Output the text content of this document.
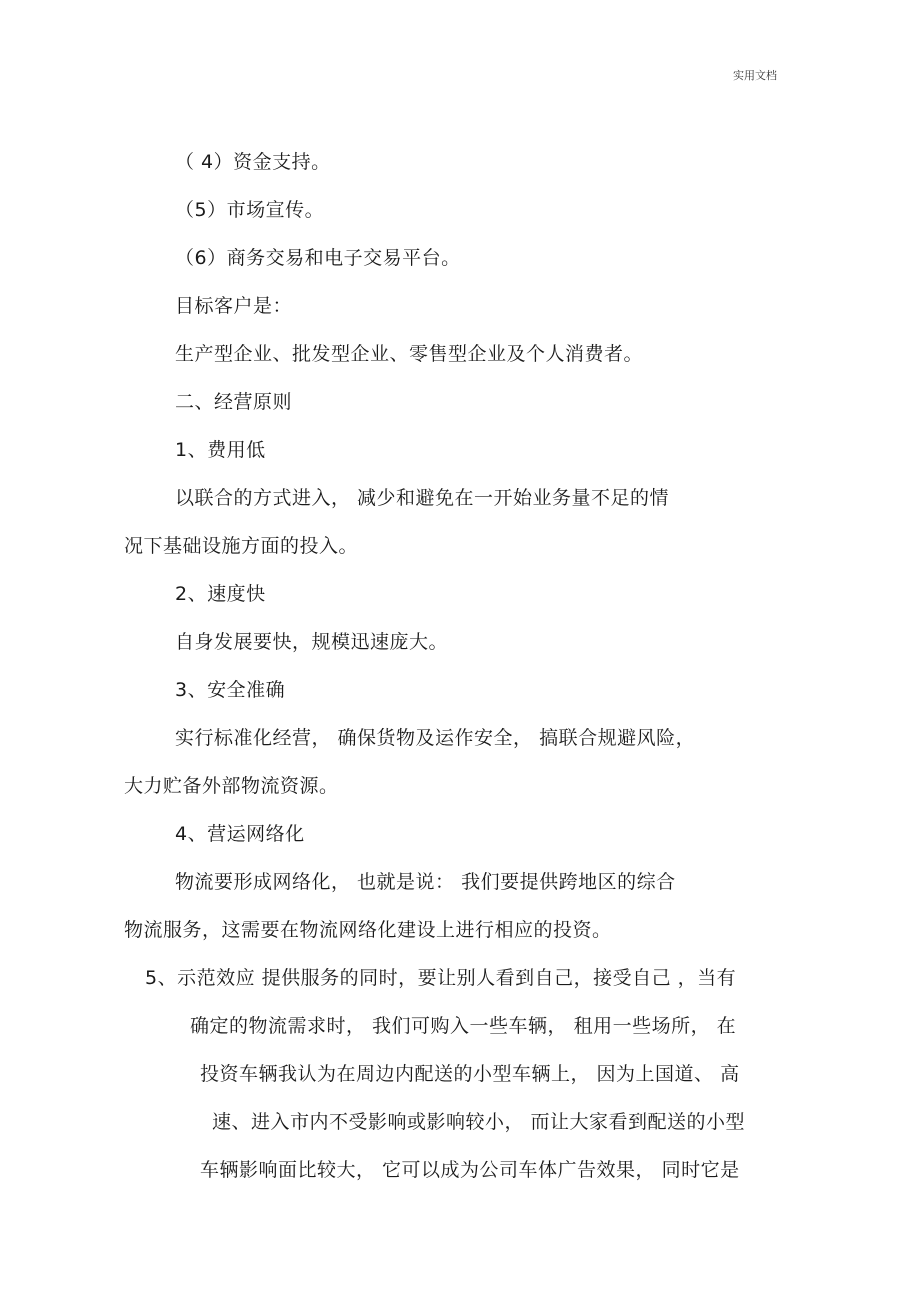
实用文档
（ 4）资金支持。
（5）市场宣传。
（6）商务交易和电子交易平台。
目标客户是：
生产型企业、批发型企业、零售型企业及个人消费者。
二、经营原则
1、费用低
以联合的方式进入， 减少和避免在一开始业务量不足的情
况下基础设施方面的投入。
2、速度快
自身发展要快，规模迅速庞大。
3、安全准确
实行标准化经营， 确保货物及运作安全， 搞联合规避风险，
大力贮备外部物流资源。
4、营运网络化
物流要形成网络化， 也就是说： 我们要提供跨地区的综合
物流服务，这需要在物流网络化建设上进行相应的投资。
5、示范效应 提供服务的同时，要让别人看到自己，接受自己 ，当有
确定的物流需求时， 我们可购入一些车辆， 租用一些场所， 在
投资车辆我认为在周边内配送的小型车辆上， 因为上国道、 高
速、进入市内不受影响或影响较小， 而让大家看到配送的小型
车辆影响面比较大， 它可以成为公司车体广告效果， 同时它是
